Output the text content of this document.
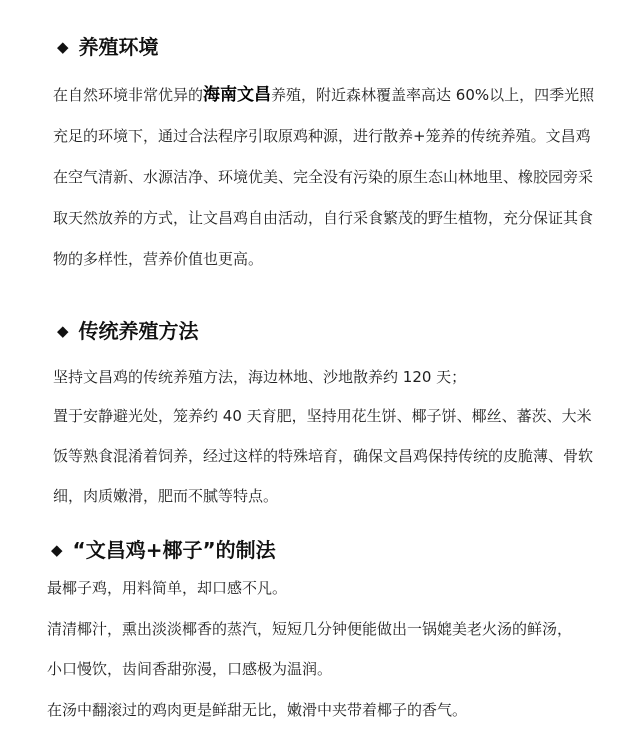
◆ 养殖环境

在自然环境非常优异的海南文昌养殖，附近森林覆盖率高达 60%以上，四季光照充足的环境下，通过合法程序引取原鸡种源，进行散养+笼养的传统养殖。文昌鸡在空气清新、水源洁净、环境优美、完全没有污染的原生态山林地里、橡胶园旁采取天然放养的方式，让文昌鸡自由活动，自行采食繁茂的野生植物，充分保证其食物的多样性，营养价值也更高。

◆ 传统养殖方法

坚持文昌鸡的传统养殖方法，海边林地、沙地散养约 120 天；

置于安静避光处，笼养约 40 天育肥，坚持用花生饼、椰子饼、椰丝、蕃茨、大米饭等熟食混淆着饲养，经过这样的特殊培育，确保文昌鸡保持传统的皮脆薄、骨软细，肉质嫩滑，肥而不腻等特点。

◆ “文昌鸡+椰子”的制法

最椰子鸡，用料简单，却口感不凡。

清清椰汁，熏出淡淡椰香的蒸汽，短短几分钟便能做出一锅媲美老火汤的鲜汤，

小口慢饮，齿间香甜弥漫，口感极为温润。

在汤中翻滚过的鸡肉更是鲜甜无比，嫩滑中夹带着椰子的香气。
